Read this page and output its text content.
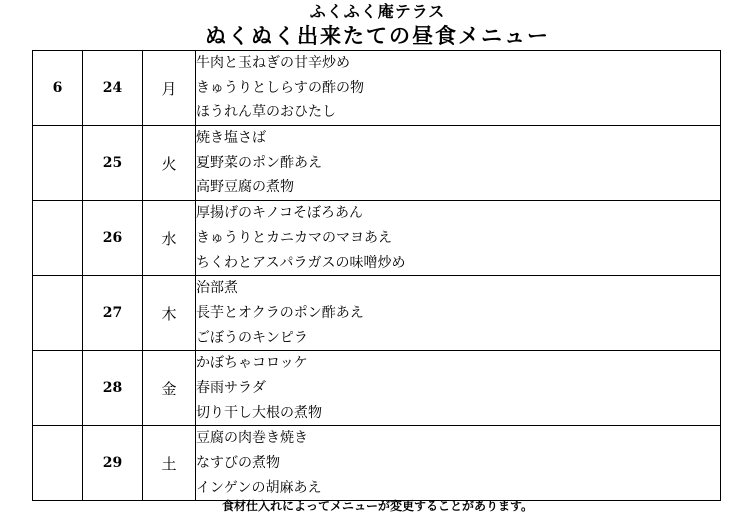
ふくふく庵テラス
ぬくぬく出来たての昼食メニュー
6	24	月	牛肉と玉ねぎの甘辛炒め
きゅうりとしらすの酢の物
ほうれん草のおひたし

	25	火	焼き塩さば
夏野菜のポン酢あえ
高野豆腐の煮物

	26	水	厚揚げのキノコそぼろあん
きゅうりとカニカマのマヨあえ
ちくわとアスパラガスの味噌炒め

	27	木	治部煮
長芋とオクラのポン酢あえ
ごぼうのキンピラ

	28	金	かぼちゃコロッケ
春雨サラダ
切り干し大根の煮物

	29	土	豆腐の肉巻き焼き
なすびの煮物
インゲンの胡麻あえ
食材仕入れによってメニューが変更することがあります。
